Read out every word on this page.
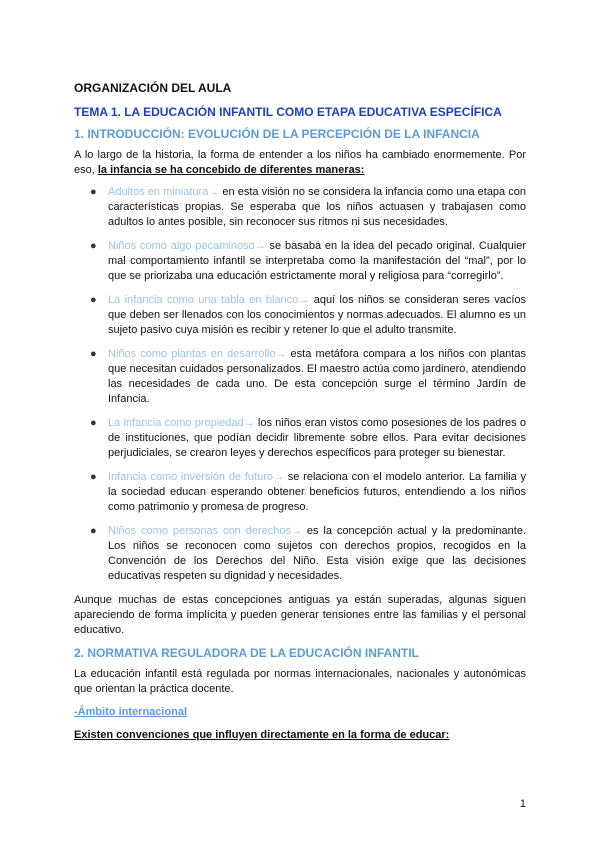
ORGANIZACIÓN DEL AULA
TEMA 1. LA EDUCACIÓN INFANTIL COMO ETAPA EDUCATIVA ESPECÍFICA
1. INTRODUCCIÓN: EVOLUCIÓN DE LA PERCEPCIÓN DE LA INFANCIA

A lo largo de la historia, la forma de entender a los niños ha cambiado enormemente. Por eso, la infancia se ha concebido de diferentes maneras:

● Adultos en miniatura→ en esta visión no se considera la infancia como una etapa con características propias. Se esperaba que los niños actuasen y trabajasen como adultos lo antes posible, sin reconocer sus ritmos ni sus necesidades.
● Niños como algo pecaminoso→ se basaba en la idea del pecado original. Cualquier mal comportamiento infantil se interpretaba como la manifestación del “mal”, por lo que se priorizaba una educación estrictamente moral y religiosa para “corregirlo”.
● La infancia como una tabla en blanco→ aquí los niños se consideran seres vacíos que deben ser llenados con los conocimientos y normas adecuados. El alumno es un sujeto pasivo cuya misión es recibir y retener lo que el adulto transmite.
● Niños como plantas en desarrollo→ esta metáfora compara a los niños con plantas que necesitan cuidados personalizados. El maestro actúa como jardinero, atendiendo las necesidades de cada uno. De esta concepción surge el término Jardín de Infancia.
● La infancia como propiedad→ los niños eran vistos como posesiones de los padres o de instituciones, que podían decidir libremente sobre ellos. Para evitar decisiones perjudiciales, se crearon leyes y derechos específicos para proteger su bienestar.
● Infancia como inversión de futuro→ se relaciona con el modelo anterior. La familia y la sociedad educan esperando obtener beneficios futuros, entendiendo a los niños como patrimonio y promesa de progreso.
● Niños como personas con derechos→ es la concepción actual y la predominante. Los niños se reconocen como sujetos con derechos propios, recogidos en la Convención de los Derechos del Niño. Esta visión exige que las decisiones educativas respeten su dignidad y necesidades.

Aunque muchas de estas concepciones antiguas ya están superadas, algunas siguen apareciendo de forma implícita y pueden generar tensiones entre las familias y el personal educativo.

2. NORMATIVA REGULADORA DE LA EDUCACIÓN INFANTIL

La educación infantil está regulada por normas internacionales, nacionales y autonómicas que orientan la práctica docente.

-Ámbito internacional
Existen convenciones que influyen directamente en la forma de educar:
1
